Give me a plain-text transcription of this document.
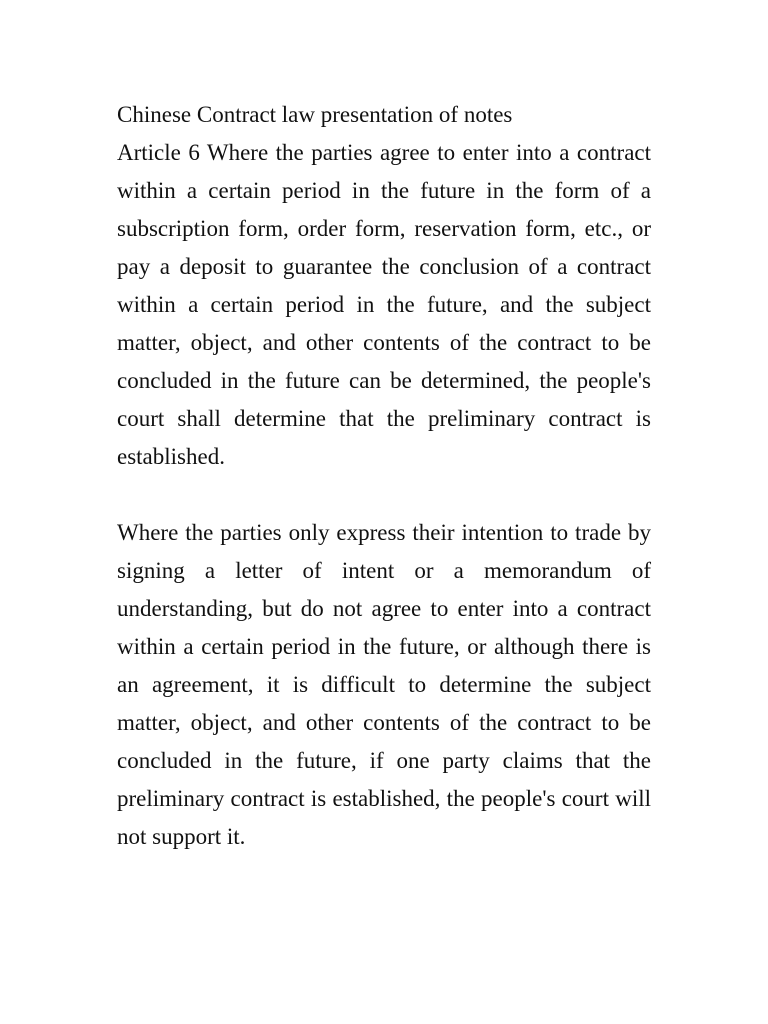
Chinese Contract law presentation of notes

Article 6 Where the parties agree to enter into a contract within a certain period in the future in the form of a subscription form, order form, reservation form, etc., or pay a deposit to guarantee the conclusion of a contract within a certain period in the future, and the subject matter, object, and other contents of the contract to be concluded in the future can be determined, the people's court shall determine that the preliminary contract is established.

Where the parties only express their intention to trade by signing a letter of intent or a memorandum of understanding, but do not agree to enter into a contract within a certain period in the future, or although there is an agreement, it is difficult to determine the subject matter, object, and other contents of the contract to be concluded in the future, if one party claims that the preliminary contract is established, the people's court will not support it.
